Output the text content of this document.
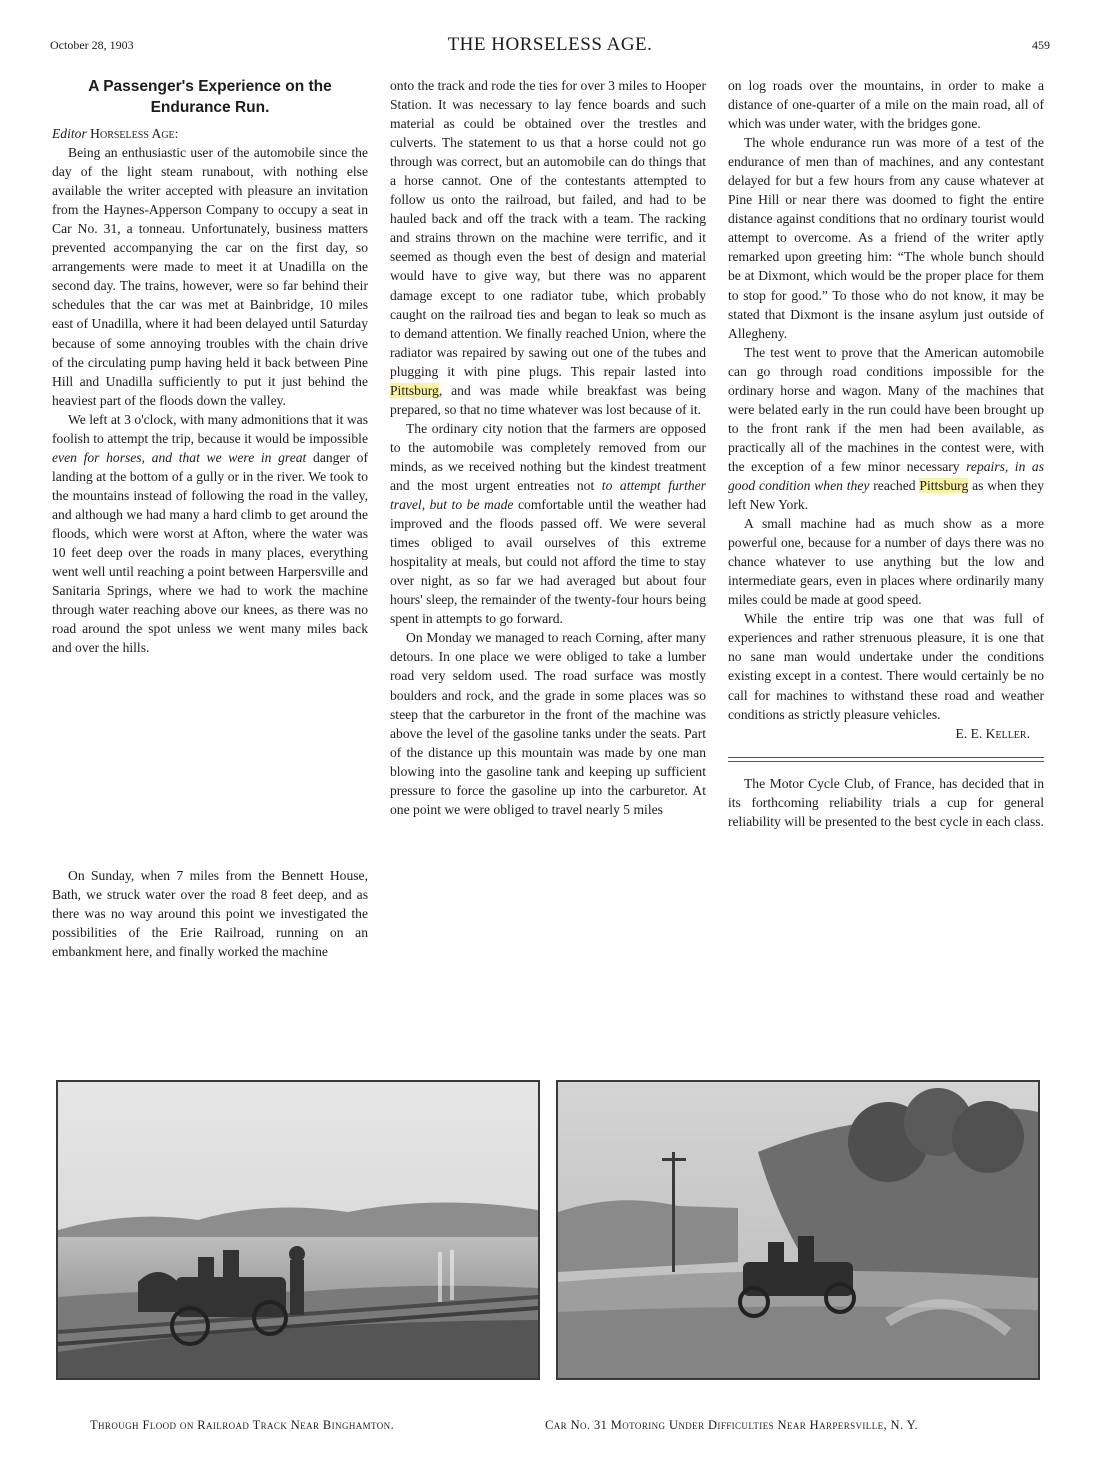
October 28, 1903	THE HORSELESS AGE.	459
A Passenger's Experience on the Endurance Run.

Editor Horseless Age:

Being an enthusiastic user of the automobile since the day of the light steam runabout, with nothing else available the writer accepted with pleasure an invitation from the Haynes-Apperson Company to occupy a seat in Car No. 31, a tonneau. Unfortunately, business matters prevented accompanying the car on the first day, so arrangements were made to meet it at Unadilla on the second day. The trains, however, were so far behind their schedules that the car was met at Bainbridge, 10 miles east of Unadilla, where it had been delayed until Saturday because of some annoying troubles with the chain drive of the circulating pump having held it back between Pine Hill and Unadilla sufficiently to put it just behind the heaviest part of the floods down the valley.

We left at 3 o'clock, with many admonitions that it was foolish to attempt the trip, because it would be impossible even for horses, and that we were in great danger of landing at the bottom of a gully or in the river. We took to the mountains instead of following the road in the valley, and although we had many a hard climb to get around the floods, which were worst at Afton, where the water was 10 feet deep over the roads in many places, everything went well until reaching a point between Harpersville and Sanitaria Springs, where we had to work the machine through water reaching above our knees, as there was no road around the spot unless we went many miles back and over the hills.

On Sunday, when 7 miles from the Bennett House, Bath, we struck water over the road 8 feet deep, and as there was no way around this point we investigated the possibilities of the Erie Railroad, running on an embankment here, and finally worked the machine

onto the track and rode the ties for over 3 miles to Hooper Station. It was necessary to lay fence boards and such material as could be obtained over the trestles and culverts. The statement to us that a horse could not go through was correct, but an automobile can do things that a horse cannot. One of the contestants attempted to follow us onto the railroad, but failed, and had to be hauled back and off the track with a team. The racking and strains thrown on the machine were terrific, and it seemed as though even the best of design and material would have to give way, but there was no apparent damage except to one radiator tube, which probably caught on the railroad ties and began to leak so much as to demand attention. We finally reached Union, where the radiator was repaired by sawing out one of the tubes and plugging it with pine plugs. This repair lasted into Pittsburg, and was made while breakfast was being prepared, so that no time whatever was lost because of it.

The ordinary city notion that the farmers are opposed to the automobile was completely removed from our minds, as we received nothing but the kindest treatment and the most urgent entreaties not to attempt further travel, but to be made comfortable until the weather had improved and the floods passed off. We were several times obliged to avail ourselves of this extreme hospitality at meals, but could not afford the time to stay over night, as so far we had averaged but about four hours' sleep, the remainder of the twenty-four hours being spent in attempts to go forward.

On Monday we managed to reach Corning, after many detours. In one place we were obliged to take a lumber road very seldom used. The road surface was mostly boulders and rock, and the grade in some places was so steep that the carburetor in the front of the machine was above the level of the gasoline tanks under the seats. Part of the distance up this mountain was made by one man blowing into the gasoline tank and keeping up sufficient pressure to force the gasoline up into the carburetor. At one point we were obliged to travel nearly 5 miles

on log roads over the mountains, in order to make a distance of one-quarter of a mile on the main road, all of which was under water, with the bridges gone.

The whole endurance run was more of a test of the endurance of men than of machines, and any contestant delayed for but a few hours from any cause whatever at Pine Hill or near there was doomed to fight the entire distance against conditions that no ordinary tourist would attempt to overcome. As a friend of the writer aptly remarked upon greeting him: “The whole bunch should be at Dixmont, which would be the proper place for them to stop for good.” To those who do not know, it may be stated that Dixmont is the insane asylum just outside of Allegheny.

The test went to prove that the American automobile can go through road conditions impossible for the ordinary horse and wagon. Many of the machines that were belated early in the run could have been brought up to the front rank if the men had been available, as practically all of the machines in the contest were, with the exception of a few minor necessary repairs, in as good condition when they reached Pittsburg as when they left New York.

A small machine had as much show as a more powerful one, because for a number of days there was no chance whatever to use anything but the low and intermediate gears, even in places where ordinarily many miles could be made at good speed.

While the entire trip was one that was full of experiences and rather strenuous pleasure, it is one that no sane man would undertake under the conditions existing except in a contest. There would certainly be no call for machines to withstand these road and weather conditions as strictly pleasure vehicles.

E. E. Keller.

The Motor Cycle Club, of France, has decided that in its forthcoming reliability trials a cup for general reliability will be presented to the best cycle in each class.

Through Flood on Railroad Track Near Binghamton.	Car No. 31 Motoring Under Difficulties Near Harpersville, N. Y.
